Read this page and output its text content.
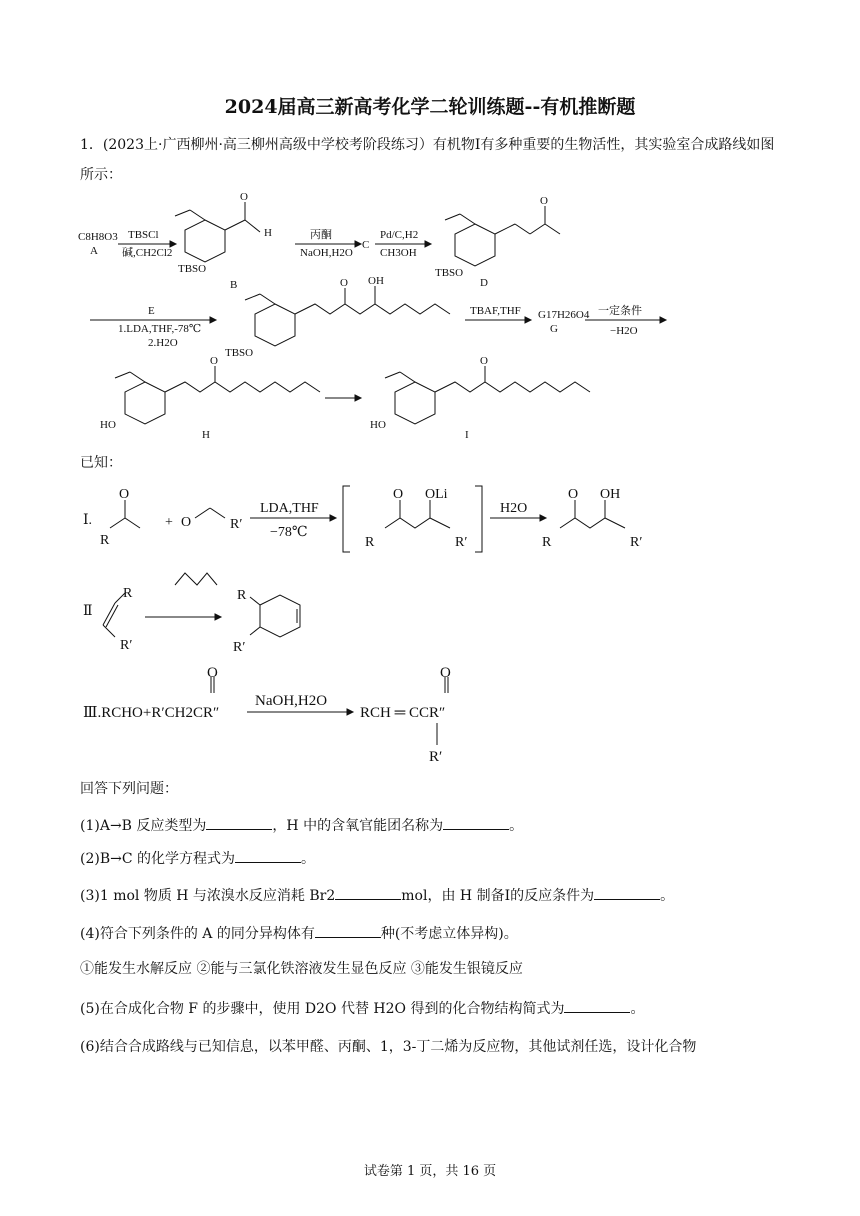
2024届高三新高考化学二轮训练题--有机推断题
1．(2023上·广西柳州·高三柳州高级中学校考阶段练习）有机物Ⅰ有多种重要的生物活性，其实验室合成路线如图所示：
C8H8O3
A
TBSCl
碱,CH2Cl2
TBSO
B
O
H	丙酮
NaOH,H2O
C
Pd/C,H2
CH3OH
TBSO
O
D
E
1.LDA,THF,-78℃
2.H2O
TBSO
O OH
TBAF,THF G17H26O4
G
一定条件
−H2O
HO
O
H
HO
O
I
已知：
Ⅰ.
O
R
+ O	R′
LDA,THF
−78℃
O OLi
R	R′
H2O
O OH
R	R′
Ⅱ
R
R′
R
R′
Ⅲ.RCHO+R′CH2CR″
O
NaOH,H2O
RCH ═ CCR″
O
R′
回答下列问题：
(1)A→B 反应类型为	，H 中的含氧官能团名称为	。
(2)B→C 的化学方程式为	。
(3)1 mol 物质 H 与浓溴水反应消耗 Br2	mol，由 H 制备Ⅰ的反应条件为	。
(4)符合下列条件的 A 的同分异构体有	种(不考虑立体异构)。
①能发生水解反应 ②能与三氯化铁溶液发生显色反应 ③能发生银镜反应
(5)在合成化合物 F 的步骤中，使用 D2O 代替 H2O 得到的化合物结构简式为	。
(6)结合合成路线与已知信息，以苯甲醛、丙酮、1，3-丁二烯为反应物，其他试剂任选，设计化合物
试卷第 1 页，共 16 页
